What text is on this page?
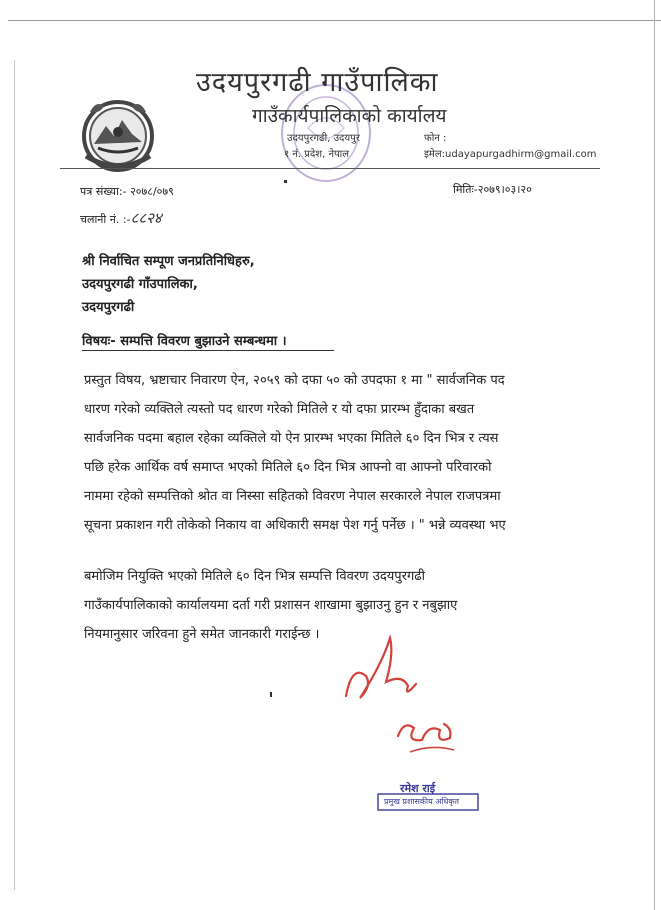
उदयपुरगढी गाउँपालिका
गाउँकार्यपालिकाको कार्यालय
उदयपुरगढी, उदयपुर
१ नं. प्रदेश, नेपाल
फोन :
इमेल:udayapurgadhirm@gmail.com
पत्र संख्या:- २०७८/०७९	मितिः-२०७९।०३।२०
चलानी नं. :-८८२४
श्री निर्वाचित सम्पूण जनप्रतिनिधिहरु,
उदयपुरगढी गाँउपालिका,
उदयपुरगढी
विषयः- सम्पत्ति विवरण बुझाउने सम्बन्धमा ।
प्रस्तुत विषय, भ्रष्टाचार निवारण ऐन, २०५९ को दफा ५० को उपदफा १ मा " सार्वजनिक पद
धारण गरेको व्यक्तिले त्यस्तो पद धारण गरेको मितिले र यो दफा प्रारम्भ हुँदाका बखत
सार्वजनिक पदमा बहाल रहेका व्यक्तिले यो ऐन प्रारम्भ भएका मितिले ६० दिन भित्र र त्यस
पछि हरेक आर्थिक वर्ष समाप्त भएको मितिले ६० दिन भित्र आफ्नो वा आफ्नो परिवारको
नाममा रहेको सम्पत्तिको श्रोत वा निस्सा सहितको विवरण नेपाल सरकारले नेपाल राजपत्रमा
सूचना प्रकाशन गरी तोकेको निकाय वा अधिकारी समक्ष पेश गर्नु पर्नेछ । " भन्ने व्यवस्था भए
बमोजिम नियुक्ति भएको मितिले ६० दिन भित्र सम्पत्ति विवरण उदयपुरगढी
गाउँकार्यपालिकाको कार्यालयमा दर्ता गरी प्रशासन शाखामा बुझाउनु हुन र नबुझाए
नियमानुसार जरिवना हुने समेत जानकारी गराईन्छ ।
रमेश राई
प्रमुख प्रशासकीय अधिकृत
